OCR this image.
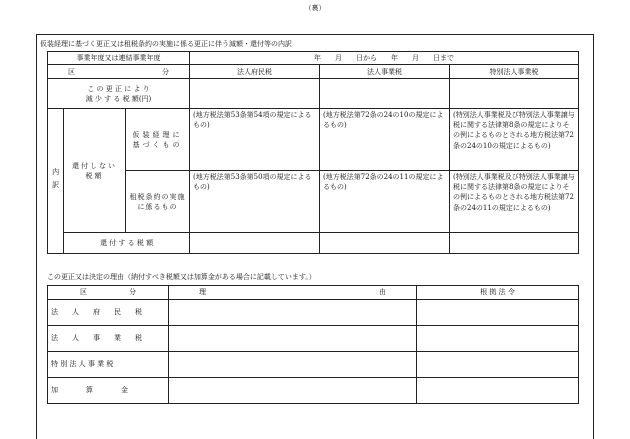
（裏）
仮装経理に基づく更正又は租税条約の実施に係る更正に伴う減額・還付等の内訳
事業年度又は連結事業年度			年　　月　　日から　　年　　月　　日まで		
区 分			法人府民税	法人事業税	特別法人事業税

こ の 更 正 に よ り
減 少 す る 税 額(円)					

内訳	還付しない税額	仮装経理に基づくもの	(地方税法第53条第54項の規定によるもの)	(地方税法第72条の24の10の規定によるもの)	(特別法人事業税及び特別法人事業譲与税に関する法律第8条の規定によりその例によるものとされる地方税法第72条の24の10の規定によるもの)
		租税条約の実施に係るもの	(地方税法第53条第50項の規定によるもの)	(地方税法第72条の24の11の規定によるもの)	(特別法人事業税及び特別法人事業譲与税に関する法律第8条の規定によりその例によるものとされる地方税法第72条の24の11の規定によるもの)
	還 付 す る 税 額				
この更正又は決定の理由（納付すべき税額又は加算金がある場合に記載しています。）
区 分	理 由	根 拠 法 令
法　　人　　府　　民　　税		
法　　人　　事　　業　　税		
特 別 法 人 事 業 税		
加　　　　算　　　　金		
